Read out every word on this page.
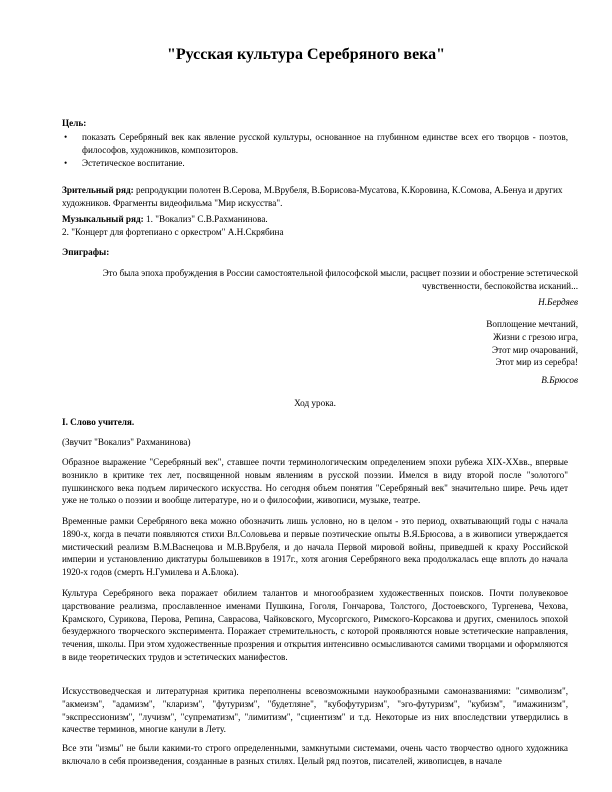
"Русская культура Серебряного века"
Цель:
• показать Серебряный век как явление русской культуры, основанное на глубинном единстве всех его творцов - поэтов, философов, художников, композиторов.
• Эстетическое воспитание.
Зрительный ряд: репродукции полотен В.Серова, М.Врубеля, В.Борисова-Мусатова, К.Коровина, К.Сомова, А.Бенуа и других художников. Фрагменты видеофильма "Мир искусства".
Музыкальный ряд: 1. "Вокализ" С.В.Рахманинова.
2. "Концерт для фортепиано с оркестром" А.Н.Скрябина
Эпиграфы:
Это была эпоха пробуждения в России самостоятельной философской мысли, расцвет поэзии и обострение эстетической чувственности, беспокойства исканий...
Н.Бердяев
Воплощение мечтаний,
Жизни с грезою игра,
Этот мир очарований,
Этот мир из серебра!
В.Брюсов
Ход урока.
I. Слово учителя.
(Звучит "Вокализ" Рахманинова)
Образное выражение "Серебряный век", ставшее почти терминологическим определением эпохи рубежа XIX-XXвв., впервые возникло в критике тех лет, посвященной новым явлениям в русской поэзии. Имелся в виду второй после "золотого" пушкинского века подъем лирического искусства. Но сегодня объем понятия "Серебряный век" значительно шире. Речь идет уже не только о поэзии и вообще литературе, но и о философии, живописи, музыке, театре.
Временные рамки Серебряного века можно обозначить лишь условно, но в целом - это период, охватывающий годы с начала 1890-х, когда в печати появляются стихи Вл.Соловьева и первые поэтические опыты В.Я.Брюсова, а в живописи утверждается мистический реализм В.М.Васнецова и М.В.Врубеля, и до начала Первой мировой войны, приведшей к краху Российской империи и установлению диктатуры большевиков в 1917г., хотя агония Серебряного века продолжалась еще вплоть до начала 1920-х годов (смерть Н.Гумилева и А.Блока).
Культура Серебряного века поражает обилием талантов и многообразием художественных поисков. Почти полувековое царствование реализма, прославленное именами Пушкина, Гоголя, Гончарова, Толстого, Достоевского, Тургенева, Чехова, Крамского, Сурикова, Перова, Репина, Саврасова, Чайковского, Мусоргского, Римского-Корсакова и других, сменилось эпохой безудержного творческого эксперимента. Поражает стремительность, с которой проявляются новые эстетические направления, течения, школы. При этом художественные прозрения и открытия интенсивно осмысливаются самими творцами и оформляются в виде теоретических трудов и эстетических манифестов.
Искусствоведческая и литературная критика переполнены всевозможными наукообразными самоназваниями: "символизм", "акмеизм", "адамизм", "кларизм", "футуризм", "будетляне", "кубофутуризм", "эго-футуризм", "кубизм", "имажинизм", "экспрессионизм", "лучизм", "супрематизм", "лимитизм", "сциентизм" и т.д. Некоторые из них впоследствии утвердились в качестве терминов, многие канули в Лету.
Все эти "измы" не были какими-то строго определенными, замкнутыми системами, очень часто творчество одного художника включало в себя произведения, созданные в разных стилях. Целый ряд поэтов, писателей, живописцев, в начале
